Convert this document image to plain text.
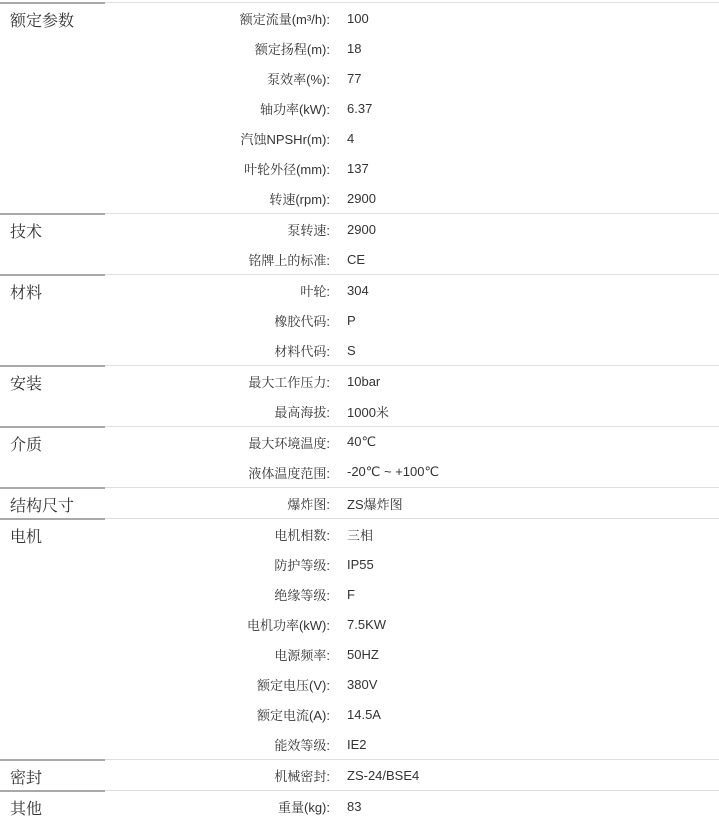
额定参数	额定流量(m³/h): 100
额定扬程(m): 18
泵效率(%): 77
轴功率(kW): 6.37
汽蚀NPSHr(m): 4
叶轮外径(mm): 137
转速(rpm): 2900
技术	泵转速: 2900
铭牌上的标准: CE
材料	叶轮: 304
橡胶代码: P
材料代码: S
安装	最大工作压力: 10bar
最高海拔: 1000米
介质	最大环境温度: 40℃
液体温度范围: -20℃ ~ +100℃
结构尺寸	爆炸图: ZS爆炸图
电机	电机相数: 三相
防护等级: IP55
绝缘等级: F
电机功率(kW): 7.5KW
电源频率: 50HZ
额定电压(V): 380V
额定电流(A): 14.5A
能效等级: IE2
密封	机械密封: ZS-24/BSE4
其他	重量(kg): 83
